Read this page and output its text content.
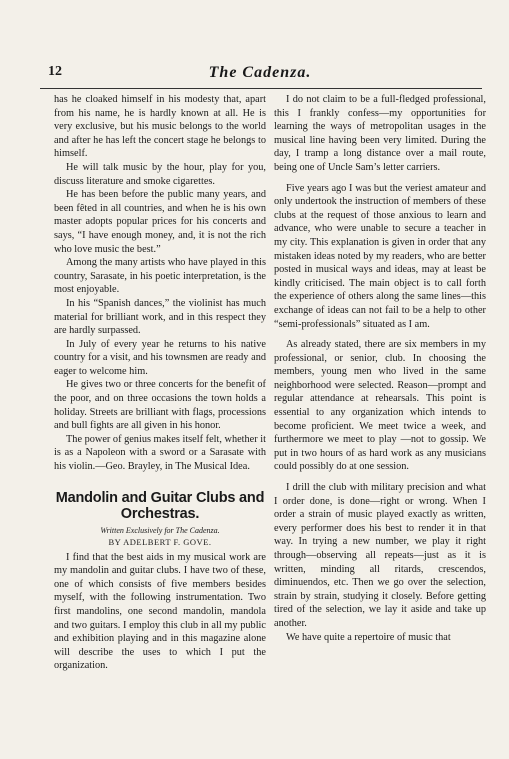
12	The Cadenza.

has he cloaked himself in his modesty that, apart from his name, he is hardly known at all. He is very exclusive, but his music belongs to the world and after he has left the concert stage he belongs to himself.

He will talk music by the hour, play for you, discuss literature and smoke cigarettes.

He has been before the public many years, and been fêted in all countries, and when he is his own master adopts popular prices for his concerts and says, “I have enough money, and, it is not the rich who love music the best.”

Among the many artists who have played in this country, Sarasate, in his poetic interpretation, is the most enjoyable.

In his “Spanish dances,” the violinist has much material for brilliant work, and in this respect they are hardly surpassed.

In July of every year he returns to his native country for a visit, and his townsmen are ready and eager to welcome him.

He gives two or three concerts for the benefit of the poor, and on three occasions the town holds a holiday. Streets are brilliant with flags, processions and bull fights are all given in his honor.

The power of genius makes itself felt, whether it is as a Napoleon with a sword or a Sarasate with his violin.—Geo. Brayley, in The Musical Idea.

Mandolin and Guitar Clubs and
Orchestras.
Written Exclusively for The Cadenza.
BY ADELBERT F. GOVE.

I find that the best aids in my musical work are my mandolin and guitar clubs. I have two of these, one of which consists of five members besides myself, with the following instrumentation. Two first mandolins, one second mandolin, mandola and two guitars. I employ this club in all my public and exhibition playing and in this magazine alone will describe the uses to which I put the organization.

I do not claim to be a full-fledged professional, this I frankly confess—my opportunities for learning the ways of metropolitan usages in the musical line having been very limited. During the day, I tramp a long distance over a mail route, being one of Uncle Sam’s letter carriers.

Five years ago I was but the veriest amateur and only undertook the instruction of members of these clubs at the request of those anxious to learn and advance, who were unable to secure a teacher in my city. This explanation is given in order that any mistaken ideas noted by my readers, who are better posted in musical ways and ideas, may at least be kindly criticised. The main object is to call forth the experience of others along the same lines—this exchange of ideas can not fail to be a help to other “semi-professionals” situated as I am.

As already stated, there are six members in my professional, or senior, club. In choosing the members, young men who lived in the same neighborhood were selected. Reason—prompt and regular attendance at rehearsals. This point is essential to any organization which intends to become proficient. We meet twice a week, and furthermore we meet to play —not to gossip. We put in two hours of as hard work as any musicians could possibly do at one session.

I drill the club with military precision and what I order done, is done—right or wrong. When I order a strain of music played exactly as written, every performer does his best to render it in that way. In trying a new number, we play it right through—observing all repeats—just as it is written, minding all ritards, crescendos, diminuendos, etc. Then we go over the selection, strain by strain, studying it closely. Before getting tired of the selection, we lay it aside and take up another.

We have quite a repertoire of music that
